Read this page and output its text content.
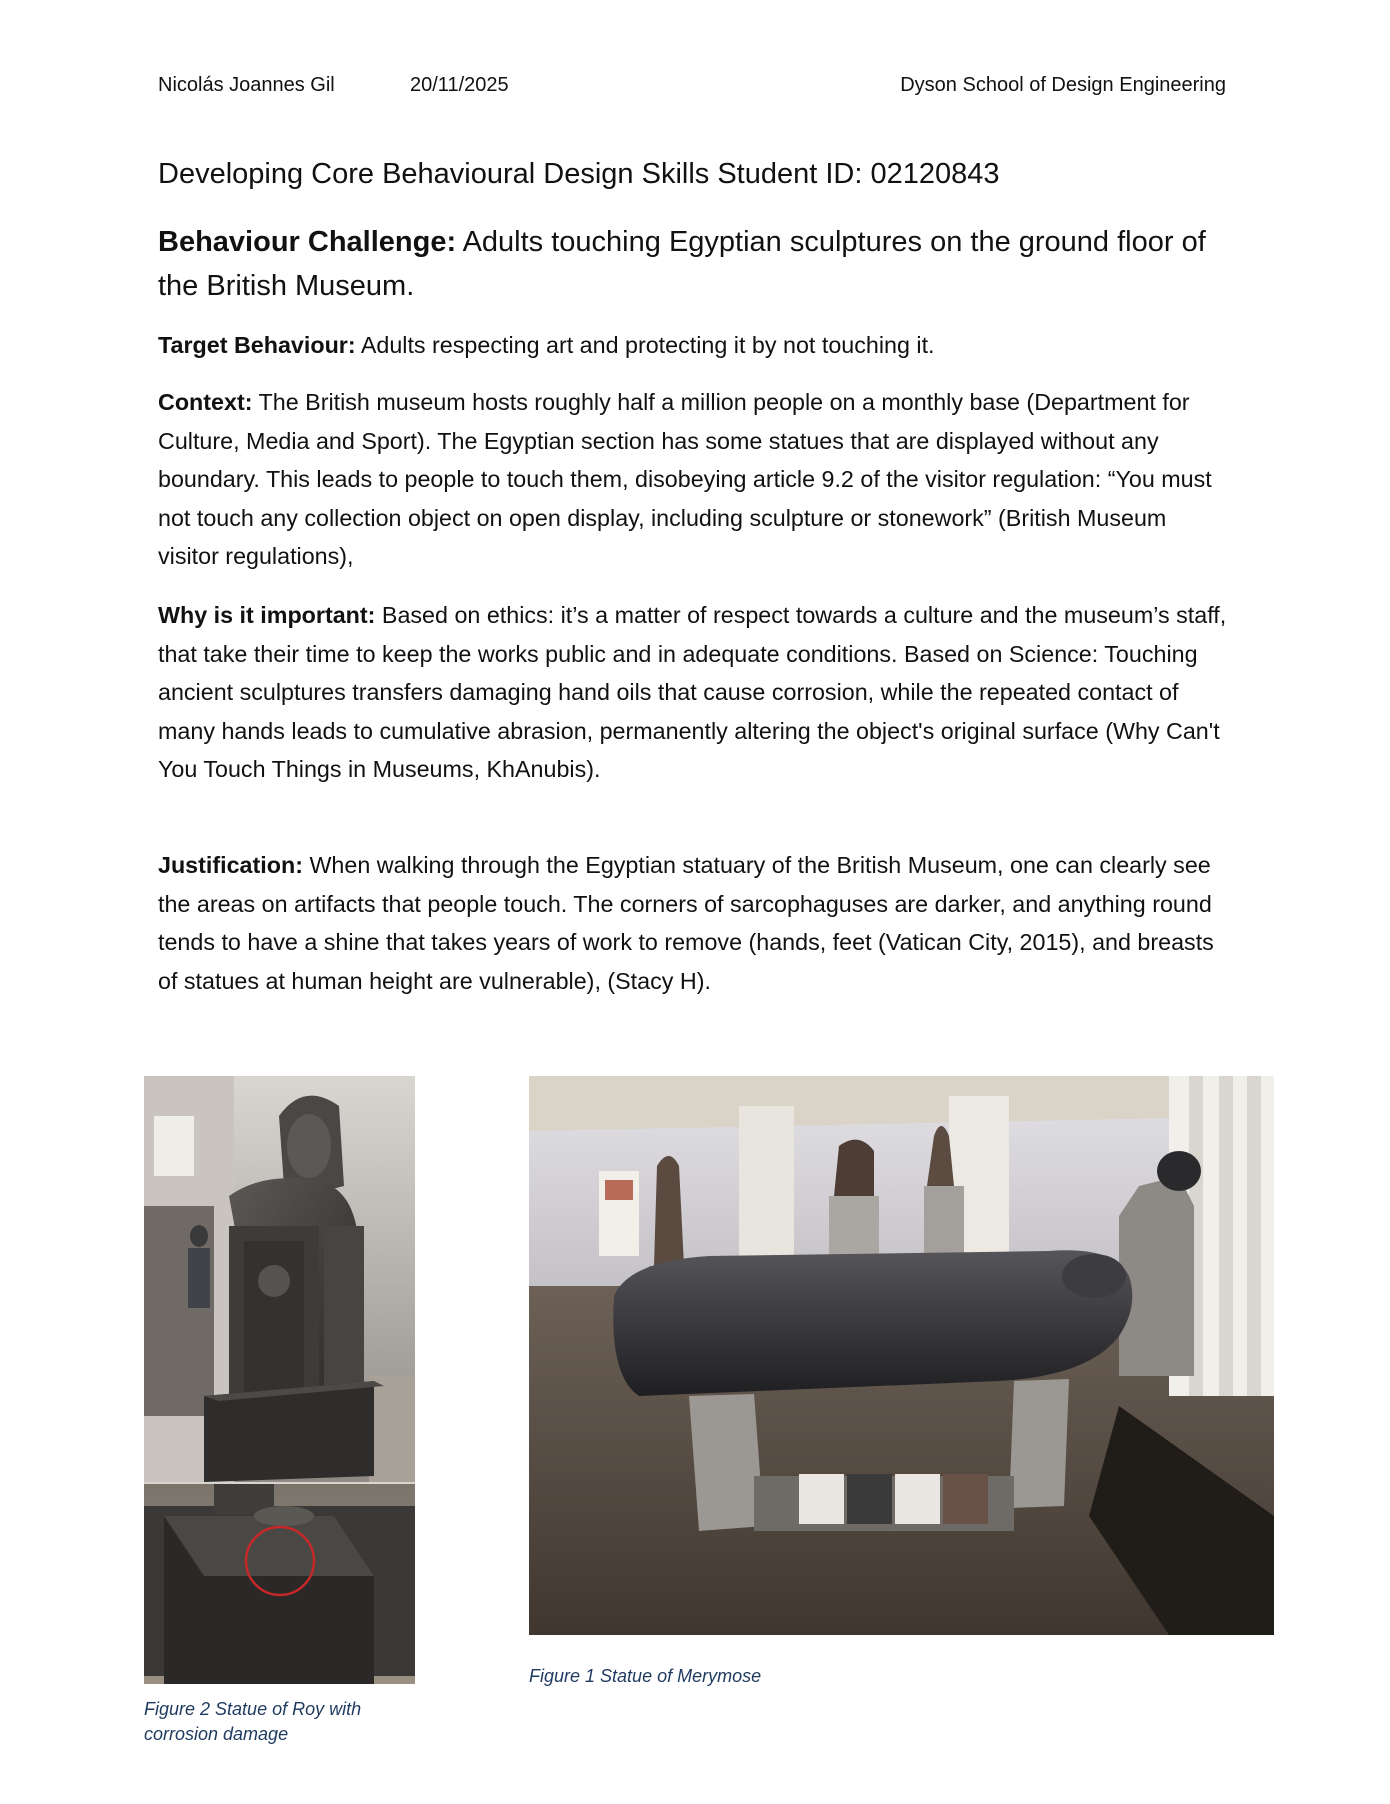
Nicolás Joannes Gil	20/11/2025	Dyson School of Design Engineering
Developing Core Behavioural Design Skills Student ID: 02120843

Behaviour Challenge: Adults touching Egyptian sculptures on the ground floor of the British Museum.

Target Behaviour: Adults respecting art and protecting it by not touching it.

Context: The British museum hosts roughly half a million people on a monthly base (Department for Culture, Media and Sport). The Egyptian section has some statues that are displayed without any boundary. This leads to people to touch them, disobeying article 9.2 of the visitor regulation: “You must not touch any collection object on open display, including sculpture or stonework” (British Museum visitor regulations),

Why is it important: Based on ethics: it’s a matter of respect towards a culture and the museum’s staff, that take their time to keep the works public and in adequate conditions. Based on Science: Touching ancient sculptures transfers damaging hand oils that cause corrosion, while the repeated contact of many hands leads to cumulative abrasion, permanently altering the object's original surface (Why Can't You Touch Things in Museums, KhAnubis).

Justification: When walking through the Egyptian statuary of the British Museum, one can clearly see the areas on artifacts that people touch. The corners of sarcophaguses are darker, and anything round tends to have a shine that takes years of work to remove (hands, feet (Vatican City, 2015), and breasts of statues at human height are vulnerable), (Stacy H).

Figure 2 Statue of Roy with
corrosion damage

Figure 1 Statue of Merymose
